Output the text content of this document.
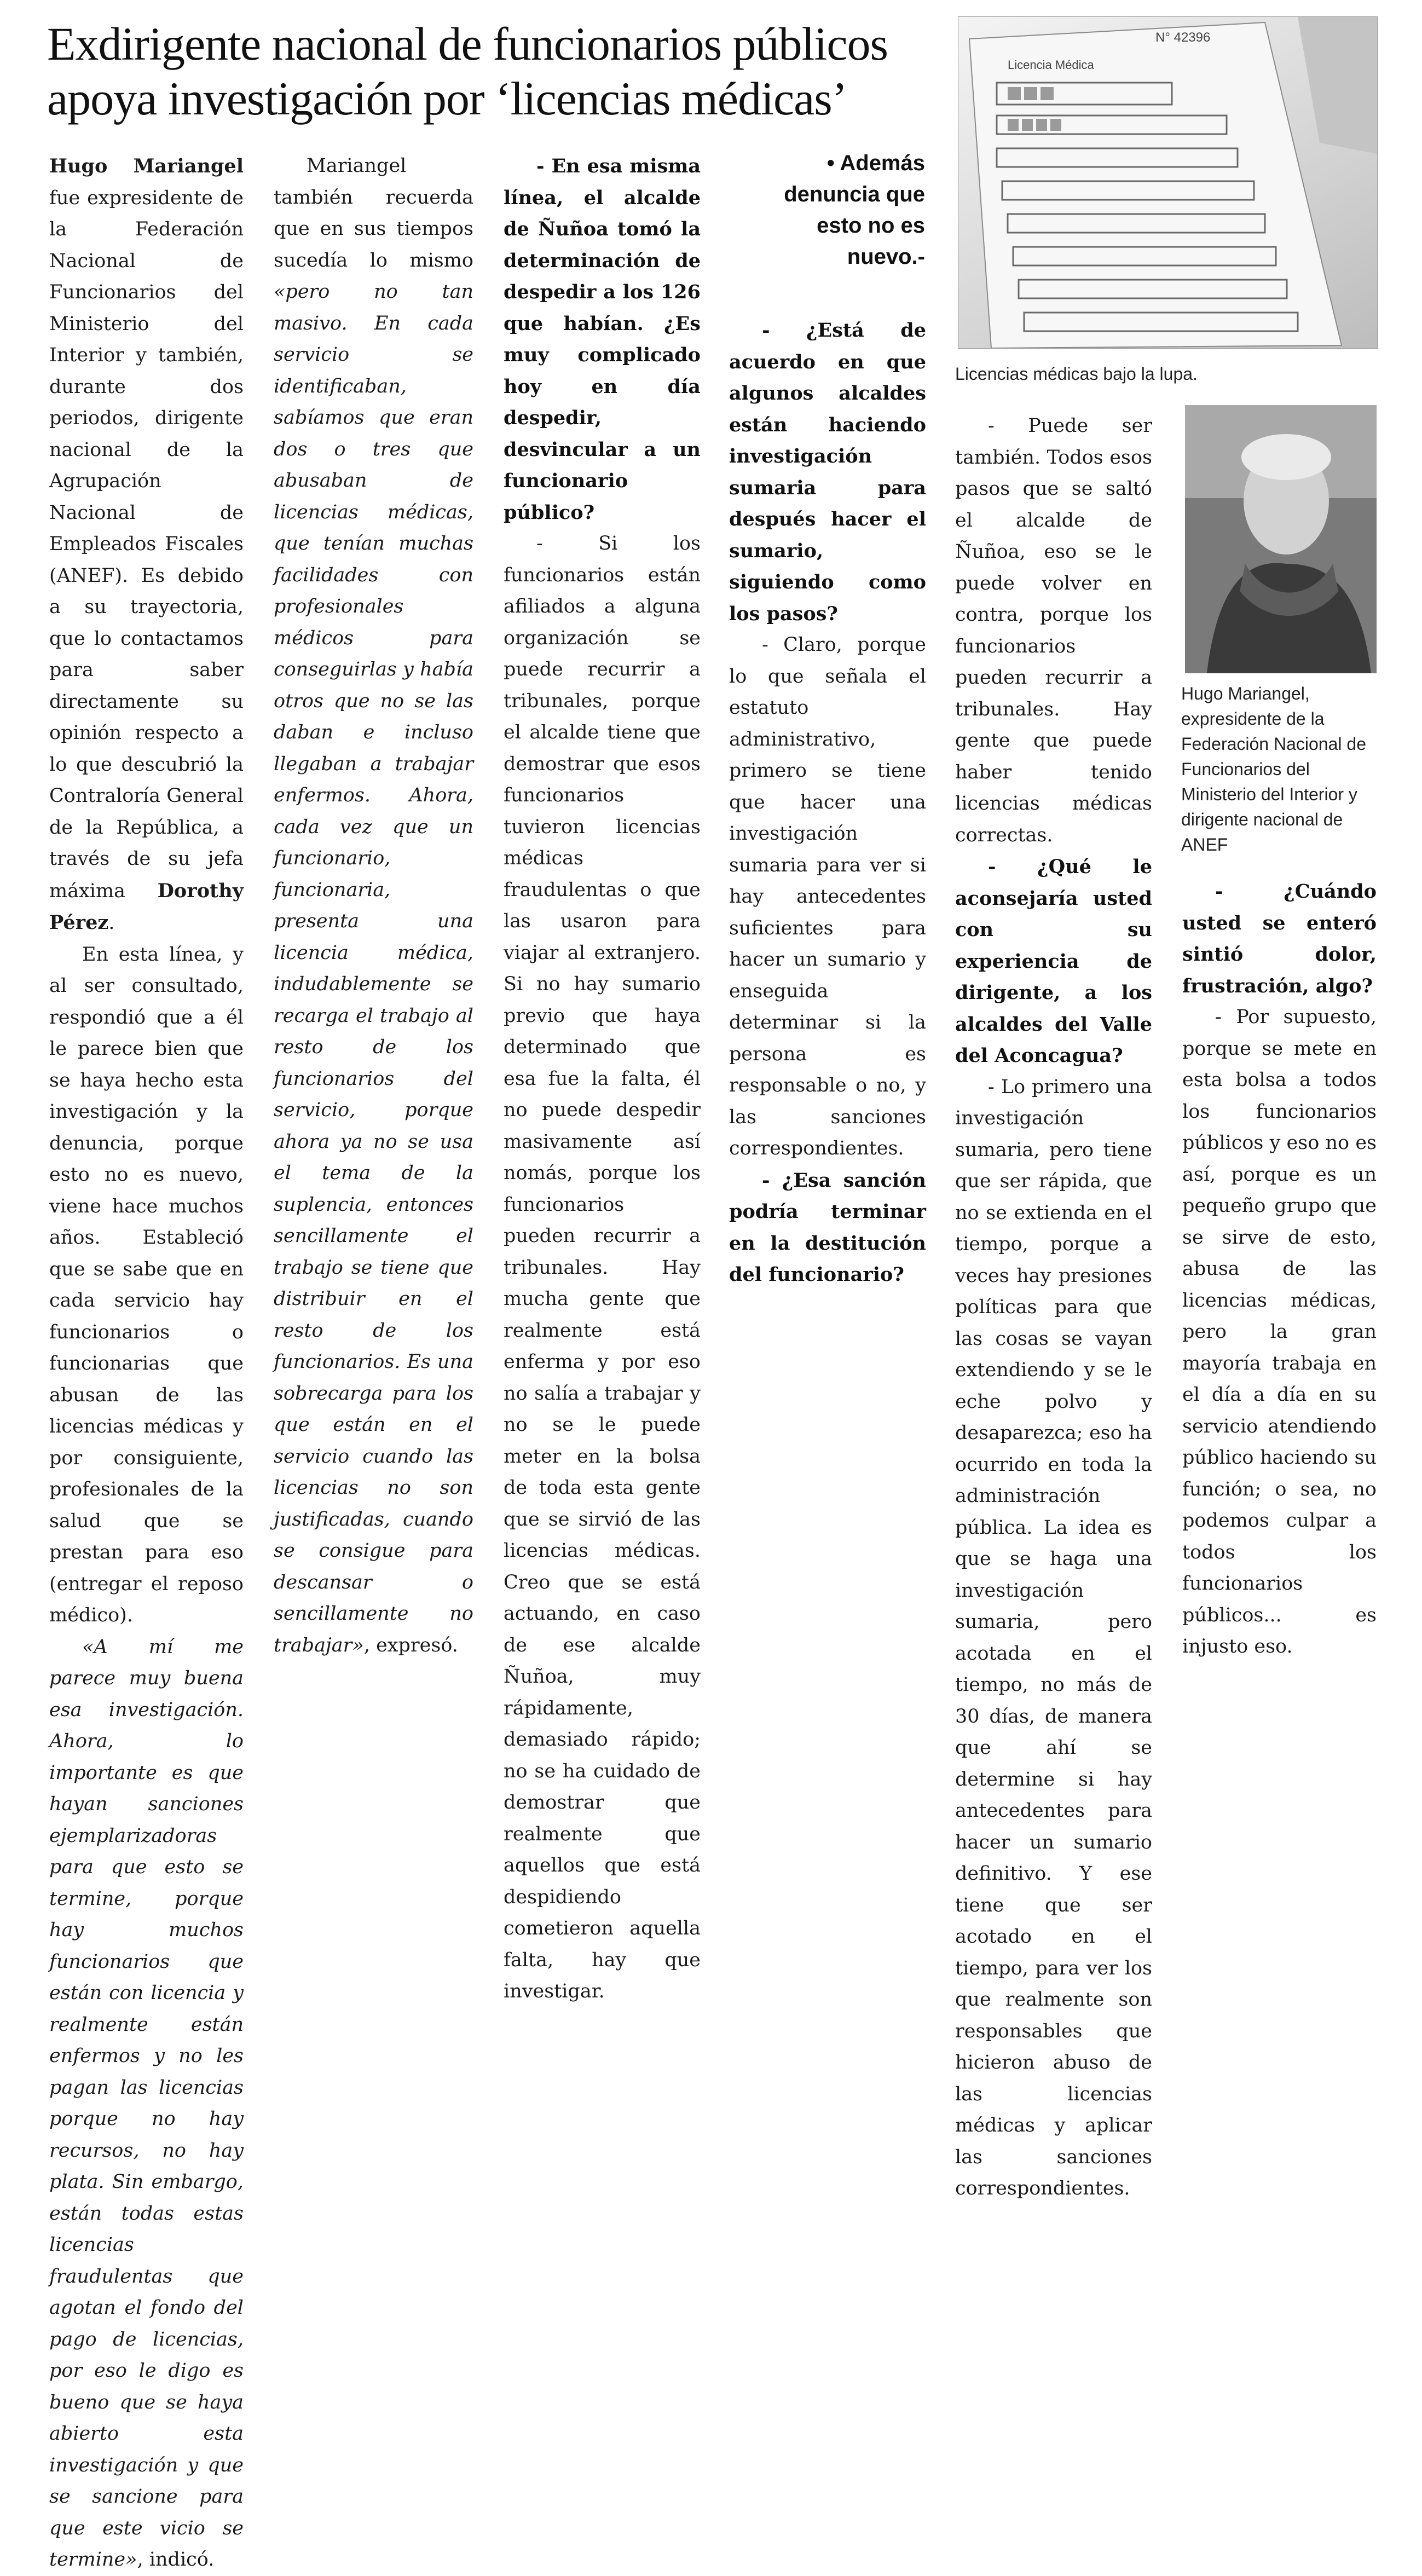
Exdirigente nacional de funcionarios públicos
apoya investigación por ‘licencias médicas’
Licencia Médica
N° 42396
Licencias médicas bajo la lupa.
Hugo Mariangel, expresidente de la Federación Nacional de Funcionarios del Ministerio del Interior y dirigente nacional de ANEF
• Además denuncia que esto no es nuevo.-

Hugo Mariangel fue expresidente de la Federación Nacional de Funcionarios del Ministerio del Interior y también, durante dos periodos, dirigente nacional de la Agrupación Nacional de Empleados Fiscales (ANEF). Es debido a su trayectoria, que lo contactamos para saber directamente su opinión respecto a lo que descubrió la Contraloría General de la República, a través de su jefa máxima Dorothy Pérez.

En esta línea, y al ser consultado, respondió que a él le parece bien que se haya hecho esta investigación y la denuncia, porque esto no es nuevo, viene hace muchos años. Estableció que se sabe que en cada servicio hay funcionarios o funcionarias que abusan de las licencias médicas y por consiguiente, profesionales de la salud que se prestan para eso (entregar el reposo médico).

«A mí me parece muy buena esa investigación. Ahora, lo importante es que hayan sanciones ejemplarizadoras para que esto se termine, porque hay muchos funcionarios que están con licencia y realmente están enfermos y no les pagan las licencias porque no hay recursos, no hay plata. Sin embargo, están todas estas licencias fraudulentas que agotan el fondo del pago de licencias, por eso le digo es bueno que se haya abierto esta investigación y que se sancione para que este vicio se termine», indicó.

Mariangel también recuerda que en sus tiempos sucedía lo mismo «pero no tan masivo. En cada servicio se identificaban, sabíamos que eran dos o tres que abusaban de licencias médicas, que tenían muchas facilidades con profesionales médicos para conseguirlas y había otros que no se las daban e incluso llegaban a trabajar enfermos. Ahora, cada vez que un funcionario, funcionaria, presenta una licencia médica, indudablemente se recarga el trabajo al resto de los funcionarios del servicio, porque ahora ya no se usa el tema de la suplencia, entonces sencillamente el trabajo se tiene que distribuir en el resto de los funcionarios. Es una sobrecarga para los que están en el servicio cuando las licencias no son justificadas, cuando se consigue para descansar o sencillamente no trabajar», expresó.

- En esa misma línea, el alcalde de Ñuñoa tomó la determinación de despedir a los 126 que habían. ¿Es muy complicado hoy en día despedir, desvincular a un funcionario público?

- Si los funcionarios están afiliados a alguna organización se puede recurrir a tribunales, porque el alcalde tiene que demostrar que esos funcionarios tuvieron licencias médicas fraudulentas o que las usaron para viajar al extranjero. Si no hay sumario previo que haya determinado que esa fue la falta, él no puede despedir masivamente así nomás, porque los funcionarios pueden recurrir a tribunales. Hay mucha gente que realmente está enferma y por eso no salía a trabajar y no se le puede meter en la bolsa de toda esta gente que se sirvió de las licencias médicas. Creo que se está actuando, en caso de ese alcalde Ñuñoa, muy rápidamente, demasiado rápido; no se ha cuidado de demostrar que realmente que aquellos que está despidiendo cometieron aquella falta, hay que investigar.

- ¿Está de acuerdo en que algunos alcaldes están haciendo investigación sumaria para después hacer el sumario, siguiendo como los pasos?

- Claro, porque lo que señala el estatuto administrativo, primero se tiene que hacer una investigación sumaria para ver si hay antecedentes suficientes para hacer un sumario y enseguida determinar si la persona es responsable o no, y las sanciones correspondientes.

- ¿Esa sanción podría terminar en la destitución del funcionario?

- Puede ser también. Todos esos pasos que se saltó el alcalde de Ñuñoa, eso se le puede volver en contra, porque los funcionarios pueden recurrir a tribunales. Hay gente que puede haber tenido licencias médicas correctas.

- ¿Qué le aconsejaría usted con su experiencia de dirigente, a los alcaldes del Valle del Aconcagua?

- Lo primero una investigación sumaria, pero tiene que ser rápida, que no se extienda en el tiempo, porque a veces hay presiones políticas para que las cosas se vayan extendiendo y se le eche polvo y desaparezca; eso ha ocurrido en toda la administración pública. La idea es que se haga una investigación sumaria, pero acotada en el tiempo, no más de 30 días, de manera que ahí se determine si hay antecedentes para hacer un sumario definitivo. Y ese tiene que ser acotado en el tiempo, para ver los que realmente son responsables que hicieron abuso de las licencias médicas y aplicar las sanciones correspondientes.

- ¿Cuándo usted se enteró sintió dolor, frustración, algo?

- Por supuesto, porque se mete en esta bolsa a todos los funcionarios públicos y eso no es así, porque es un pequeño grupo que se sirve de esto, abusa de las licencias médicas, pero la gran mayoría trabaja en el día a día en su servicio atendiendo público haciendo su función; o sea, no podemos culpar a todos los funcionarios públicos... es injusto eso.
